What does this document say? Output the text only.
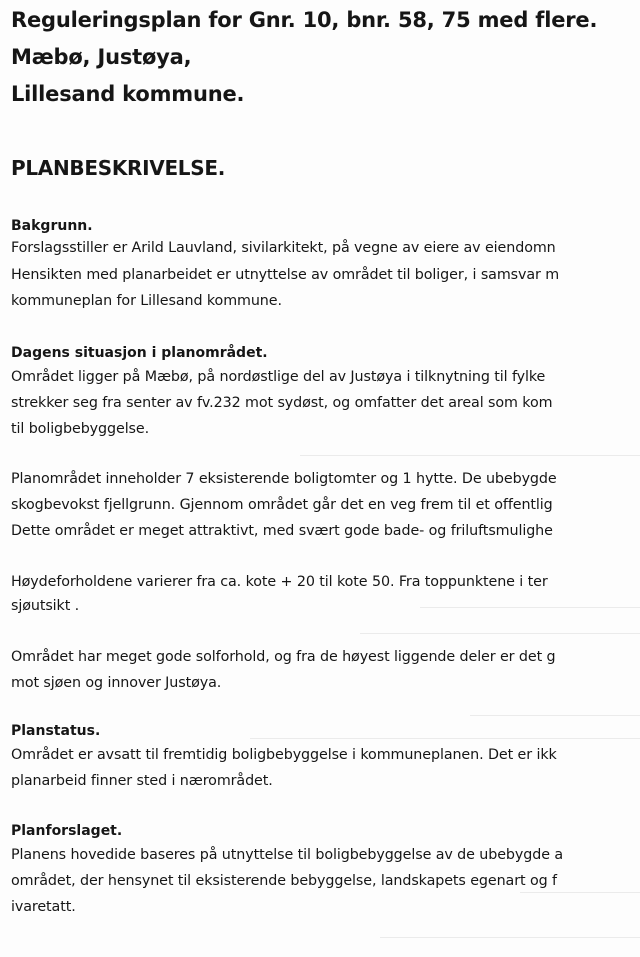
Reguleringsplan for Gnr. 10, bnr. 58, 75 med flere.
Mæbø, Justøya,
Lillesand kommune.
PLANBESKRIVELSE.
Bakgrunn.
Forslagsstiller er Arild Lauvland, sivilarkitekt, på vegne av eiere av eiendomn
Hensikten med planarbeidet er utnyttelse av området til boliger, i samsvar m
kommuneplan for Lillesand kommune.
Dagens situasjon i planområdet.
Området ligger på Mæbø, på nordøstlige del av Justøya i tilknytning til fylke
strekker seg fra senter av fv.232 mot sydøst, og omfatter det areal som kom
til boligbebyggelse.
Planområdet inneholder 7 eksisterende boligtomter og 1 hytte. De ubebygde
skogbevokst fjellgrunn. Gjennom området går det en veg frem til et offentlig
Dette området er meget attraktivt, med svært gode bade- og friluftsmulighe
Høydeforholdene varierer fra ca. kote + 20 til kote 50. Fra toppunktene i ter
sjøutsikt .
Området har meget gode solforhold, og fra de høyest liggende deler er det g
mot sjøen og innover Justøya.
Planstatus.
Området er avsatt til fremtidig boligbebyggelse i kommuneplanen. Det er ikk
planarbeid finner sted i nærområdet.
Planforslaget.
Planens hovedide baseres på utnyttelse til boligbebyggelse av de ubebygde a
området, der hensynet til eksisterende bebyggelse, landskapets egenart og f
ivaretatt.
